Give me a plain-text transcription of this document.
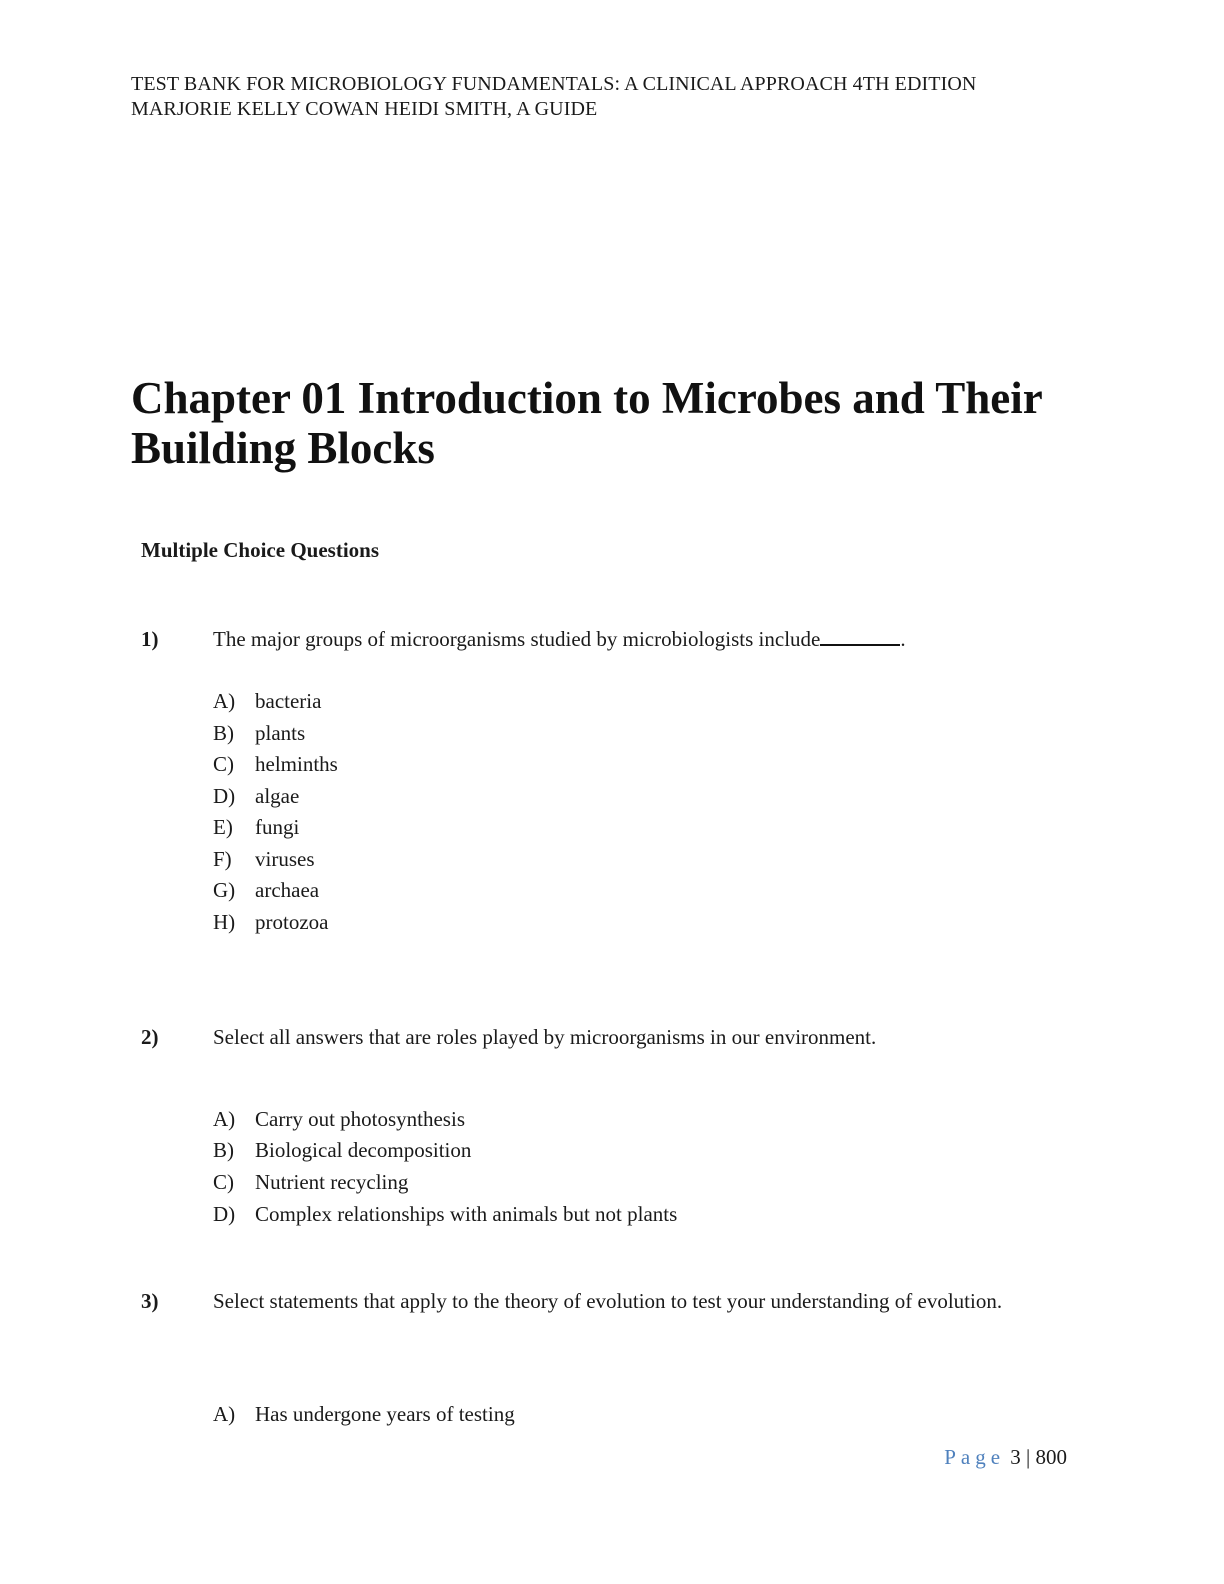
TEST BANK FOR MICROBIOLOGY FUNDAMENTALS: A CLINICAL APPROACH 4TH EDITION
MARJORIE KELLY COWAN HEIDI SMITH, A GUIDE
Chapter 01 Introduction to Microbes and Their Building Blocks
Multiple Choice Questions
1)	The major groups of microorganisms studied by microbiologists include	.
A) bacteria
B) plants
C) helminths
D) algae
E) fungi
F) viruses
G) archaea
H) protozoa
2)	Select all answers that are roles played by microorganisms in our environment.
A) Carry out photosynthesis
B) Biological decomposition
C) Nutrient recycling
D) Complex relationships with animals but not plants
3)	Select statements that apply to the theory of evolution to test your understanding of evolution.
A) Has undergone years of testing
Page 3 | 800
